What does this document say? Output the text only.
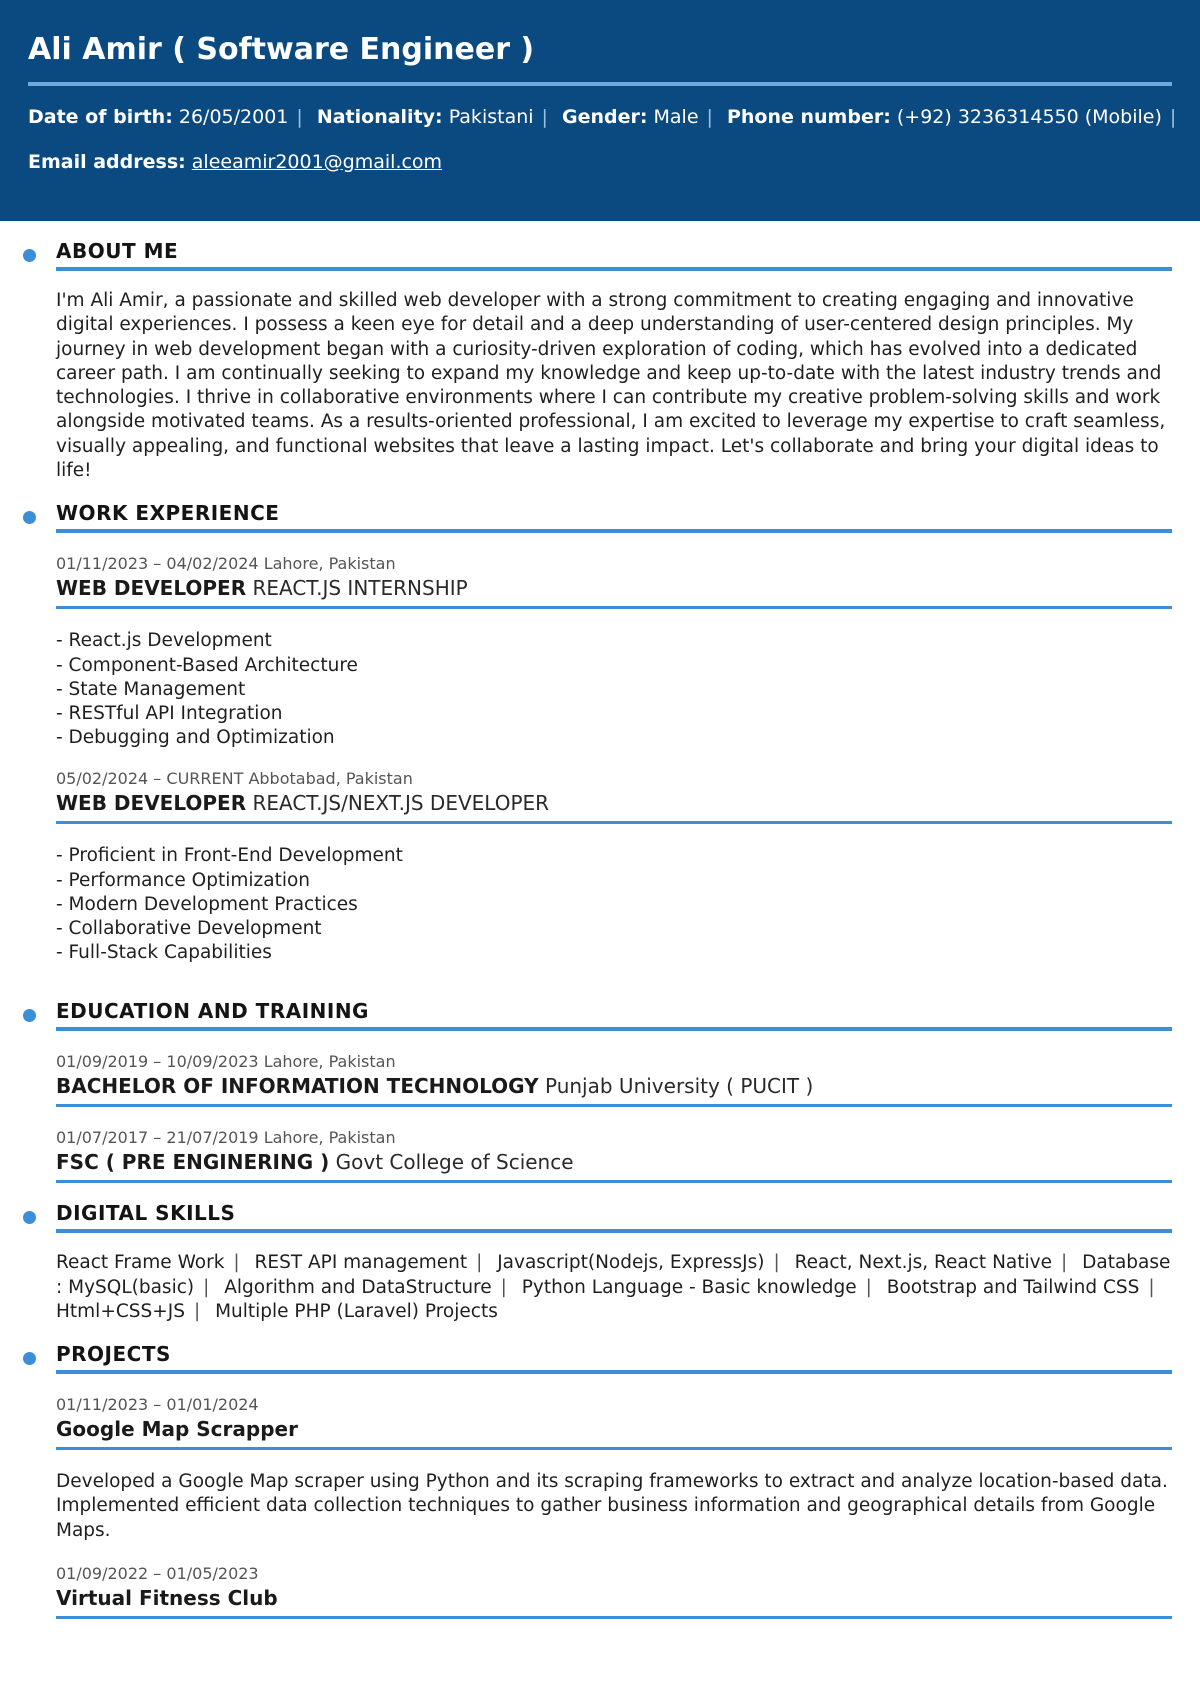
Ali Amir ( Software Engineer )
Date of birth: 26/05/2001 | Nationality: Pakistani | Gender: Male | Phone number: (+92) 3236314550 (Mobile) |
Email address: aleeamir2001@gmail.com
ABOUT ME
I'm Ali Amir, a passionate and skilled web developer with a strong commitment to creating engaging and innovative digital experiences. I possess a keen eye for detail and a deep understanding of user-centered design principles. My journey in web development began with a curiosity-driven exploration of coding, which has evolved into a dedicated career path. I am continually seeking to expand my knowledge and keep up-to-date with the latest industry trends and technologies. I thrive in collaborative environments where I can contribute my creative problem-solving skills and work alongside motivated teams. As a results-oriented professional, I am excited to leverage my expertise to craft seamless, visually appealing, and functional websites that leave a lasting impact. Let's collaborate and bring your digital ideas to life!
WORK EXPERIENCE
01/11/2023 – 04/02/2024 Lahore, Pakistan
WEB DEVELOPER REACT.JS INTERNSHIP
- React.js Development
- Component-Based Architecture
- State Management
- RESTful API Integration
- Debugging and Optimization
05/02/2024 – CURRENT Abbotabad, Pakistan
WEB DEVELOPER REACT.JS/NEXT.JS DEVELOPER
- Proficient in Front-End Development
- Performance Optimization
- Modern Development Practices
- Collaborative Development
- Full-Stack Capabilities
EDUCATION AND TRAINING
01/09/2019 – 10/09/2023 Lahore, Pakistan
BACHELOR OF INFORMATION TECHNOLOGY Punjab University ( PUCIT )
01/07/2017 – 21/07/2019 Lahore, Pakistan
FSC ( PRE ENGINERING ) Govt College of Science
DIGITAL SKILLS
React Frame Work | REST API management | Javascript(Nodejs, ExpressJs) | React, Next.js, React Native | Database : MySQL(basic) | Algorithm and DataStructure | Python Language - Basic knowledge | Bootstrap and Tailwind CSS | Html+CSS+JS | Multiple PHP (Laravel) Projects
PROJECTS
01/11/2023 – 01/01/2024
Google Map Scrapper
Developed a Google Map scraper using Python and its scraping frameworks to extract and analyze location-based data. Implemented efficient data collection techniques to gather business information and geographical details from Google Maps.
01/09/2022 – 01/05/2023
Virtual Fitness Club
